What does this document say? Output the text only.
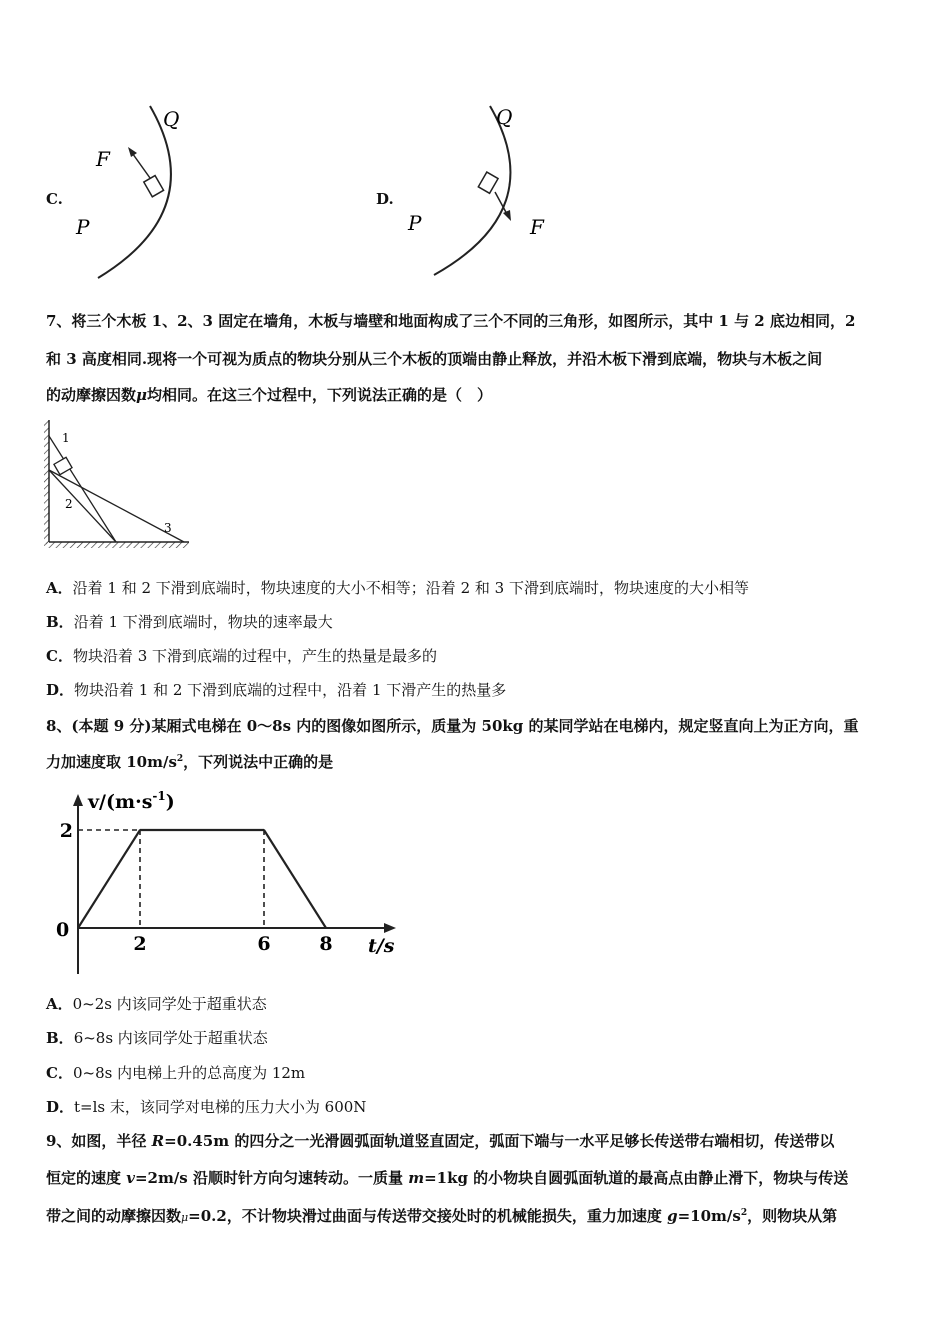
C.
Q
F
P
D.
Q
F
P
7、将三个木板 1、2、3 固定在墙角，木板与墙壁和地面构成了三个不同的三角形，如图所示，其中 1 与 2 底边相同，2
和 3 高度相同.现将一个可视为质点的物块分别从三个木板的顶端由静止释放，并沿木板下滑到底端，物块与木板之间
的动摩擦因数μ均相同。在这三个过程中，下列说法正确的是（　）
1
2
3
A．沿着 1 和 2 下滑到底端时，物块速度的大小不相等；沿着 2 和 3 下滑到底端时，物块速度的大小相等
B．沿着 1 下滑到底端时，物块的速率最大
C．物块沿着 3 下滑到底端的过程中，产生的热量是最多的
D．物块沿着 1 和 2 下滑到底端的过程中，沿着 1 下滑产生的热量多
8、(本题 9 分)某厢式电梯在 0～8s 内的图像如图所示，质量为 50kg 的某同学站在电梯内，规定竖直向上为正方向，重
力加速度取 $10m/s^2$，下列说法中正确的是
2	6	8
2
0
$v/(m\cdot s^{-1})$
t/s
A．0~2s 内该同学处于超重状态
B．6~8s 内该同学处于超重状态
C．0~8s 内电梯上升的总高度为 12m
D．t=ls 末，该同学对电梯的压力大小为 600N
9、如图，半径 R=0.45m 的四分之一光滑圆弧面轨道竖直固定，弧面下端与一水平足够长传送带右端相切，传送带以
恒定的速度 v=2m/s 沿顺时针方向匀速转动。一质量 m=1kg 的小物块自圆弧面轨道的最高点由静止滑下，物块与传送
带之间的动摩擦因数μ=0.2，不计物块滑过曲面与传送带交接处时的机械能损失，重力加速度 $g=10m/s^2$，则物块从第
